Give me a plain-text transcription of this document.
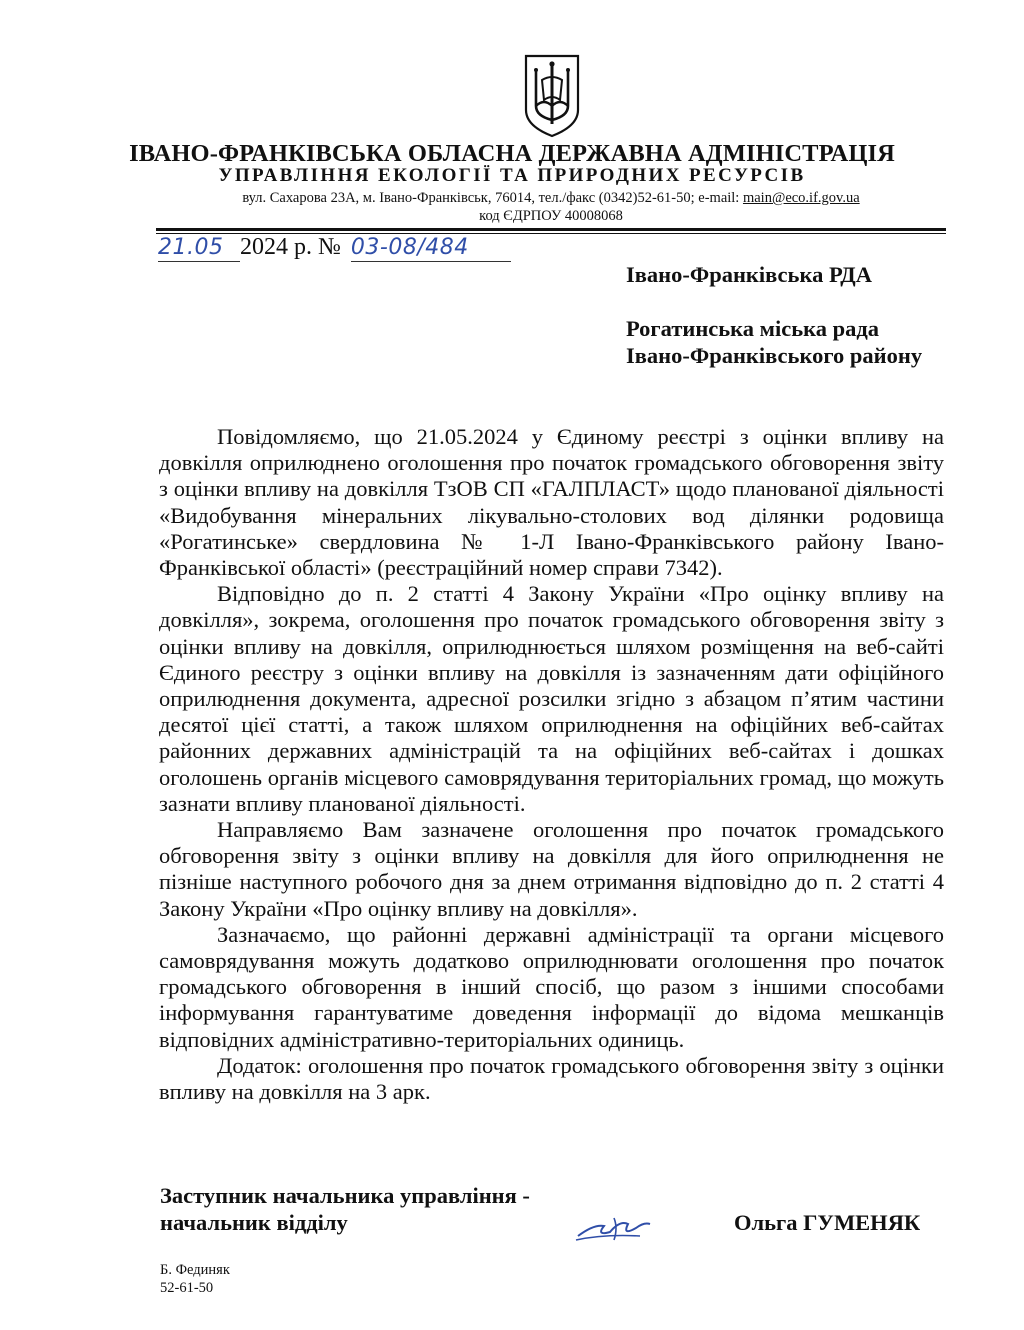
ІВАНО-ФРАНКІВСЬКА ОБЛАСНА ДЕРЖАВНА АДМІНІСТРАЦІЯ
УПРАВЛІННЯ ЕКОЛОГІЇ ТА ПРИРОДНИХ РЕСУРСІВ
вул. Сахарова 23А, м. Івано-Франківськ, 76014, тел./факс (0342)52-61-50; e-mail: main@eco.if.gov.ua
код ЄДРПОУ 40008068
21.05 2024 р. № 03-08/484
Івано-Франківська РДА
Рогатинська міська рада
Івано-Франківського району

Повідомляємо, що 21.05.2024 у Єдиному реєстрі з оцінки впливу на довкілля оприлюднено оголошення про початок громадського обговорення звіту з оцінки впливу на довкілля ТзОВ СП «ГАЛПЛАСТ» щодо планованої діяльності «Видобування мінеральних лікувально-столових вод ділянки родовища «Рогатинське» свердловина № 1-Л Івано-Франківського району Івано-Франківської області» (реєстраційний номер справи 7342).

Відповідно до п. 2 статті 4 Закону України «Про оцінку впливу на довкілля», зокрема, оголошення про початок громадського обговорення звіту з оцінки впливу на довкілля, оприлюднюється шляхом розміщення на веб-сайті Єдиного реєстру з оцінки впливу на довкілля із зазначенням дати офіційного оприлюднення документа, адресної розсилки згідно з абзацом п’ятим частини десятої цієї статті, а також шляхом оприлюднення на офіційних веб-сайтах районних державних адміністрацій та на офіційних веб-сайтах і дошках оголошень органів місцевого самоврядування територіальних громад, що можуть зазнати впливу планованої діяльності.

Направляємо Вам зазначене оголошення про початок громадського обговорення звіту з оцінки впливу на довкілля для його оприлюднення не пізніше наступного робочого дня за днем отримання відповідно до п. 2 статті 4 Закону України «Про оцінку впливу на довкілля».

Зазначаємо, що районні державні адміністрації та органи місцевого самоврядування можуть додатково оприлюднювати оголошення про початок громадського обговорення в інший спосіб, що разом з іншими способами інформування гарантуватиме доведення інформації до відома мешканців відповідних адміністративно-територіальних одиниць.

Додаток: оголошення про початок громадського обговорення звіту з оцінки впливу на довкілля на 3 арк.

Заступник начальника управління -
начальник відділу	Ольга ГУМЕНЯК
Б. Фединяк
52-61-50
